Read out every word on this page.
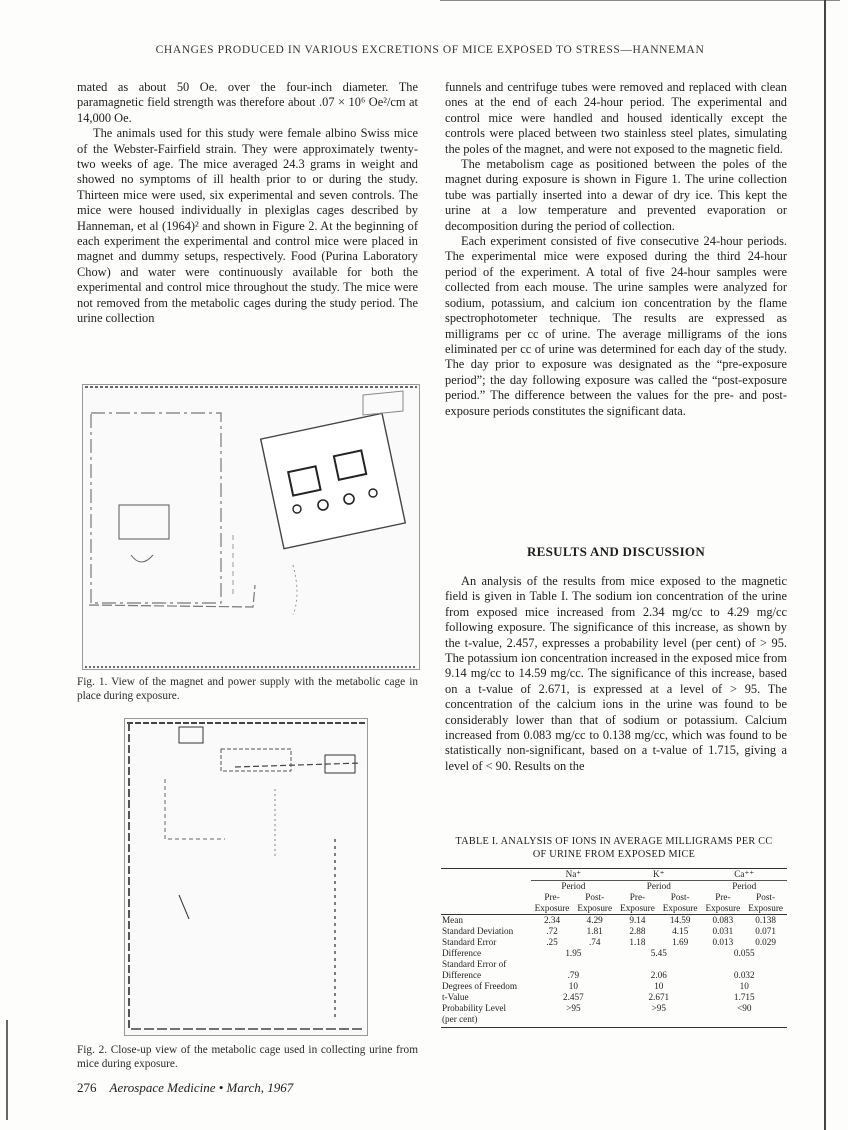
CHANGES PRODUCED IN VARIOUS EXCRETIONS OF MICE EXPOSED TO STRESS—HANNEMAN

mated as about 50 Oe. over the four-inch diameter. The paramagnetic field strength was therefore about .07 × 10⁶ Oe²/cm at 14,000 Oe.

The animals used for this study were female albino Swiss mice of the Webster-Fairfield strain. They were approximately twenty-two weeks of age. The mice averaged 24.3 grams in weight and showed no symptoms of ill health prior to or during the study. Thirteen mice were used, six experimental and seven controls. The mice were housed individually in plexiglas cages described by Hanneman, et al (1964)² and shown in Figure 2. At the beginning of each experiment the experimental and control mice were placed in magnet and dummy setups, respectively. Food (Purina Laboratory Chow) and water were continuously available for both the experimental and control mice throughout the study. The mice were not removed from the metabolic cages during the study period. The urine collection

Fig. 1. View of the magnet and power supply with the metabolic cage in place during exposure.
Fig. 2. Close-up view of the metabolic cage used in collecting urine from mice during exposure.

funnels and centrifuge tubes were removed and replaced with clean ones at the end of each 24-hour period. The experimental and control mice were handled and housed identically except the controls were placed between two stainless steel plates, simulating the poles of the magnet, and were not exposed to the magnetic field.

The metabolism cage as positioned between the poles of the magnet during exposure is shown in Figure 1. The urine collection tube was partially inserted into a dewar of dry ice. This kept the urine at a low temperature and prevented evaporation or decomposition during the period of collection.

Each experiment consisted of five consecutive 24-hour periods. The experimental mice were exposed during the third 24-hour period of the experiment. A total of five 24-hour samples were collected from each mouse. The urine samples were analyzed for sodium, potassium, and calcium ion concentration by the flame spectrophotometer technique. The results are expressed as milligrams per cc of urine. The average milligrams of the ions eliminated per cc of urine was determined for each day of the study. The day prior to exposure was designated as the “pre-exposure period”; the day following exposure was called the “post-exposure period.” The difference between the values for the pre- and post-exposure periods constitutes the significant data.

RESULTS AND DISCUSSION

An analysis of the results from mice exposed to the magnetic field is given in Table I. The sodium ion concentration of the urine from exposed mice increased from 2.34 mg/cc to 4.29 mg/cc following exposure. The significance of this increase, as shown by the t-value, 2.457, expresses a probability level (per cent) of > 95. The potassium ion concentration increased in the exposed mice from 9.14 mg/cc to 14.59 mg/cc. The significance of this increase, based on a t-value of 2.671, is expressed at a level of > 95. The concentration of the calcium ions in the urine was found to be considerably lower than that of sodium or potassium. Calcium increased from 0.083 mg/cc to 0.138 mg/cc, which was found to be statistically non-significant, based on a t-value of 1.715, giving a level of < 90. Results on the

TABLE I. ANALYSIS OF IONS IN AVERAGE MILLIGRAMS PER CC
OF URINE FROM EXPOSED MICE
	Na⁺		K⁺		Ca⁺⁺	
	Period		Period		Period	
	Pre-	Post-	Pre-	Post-	Pre-	Post-
	Exposure	Exposure	Exposure	Exposure	Exposure	Exposure
Mean	2.34	4.29	9.14	14.59	0.083	0.138
Standard Deviation	.72	1.81	2.88	4.15	0.031	0.071
Standard Error	.25	.74	1.18	1.69	0.013	0.029
Difference	1.95		5.45		0.055	

Standard Error of
Difference	.79		2.06		0.032	
Degrees of Freedom	10		10		10	
t-Value	2.457		2.671		1.715	

Probability Level
(per cent)	>95		>95		<90	
276 Aerospace Medicine • March, 1967
